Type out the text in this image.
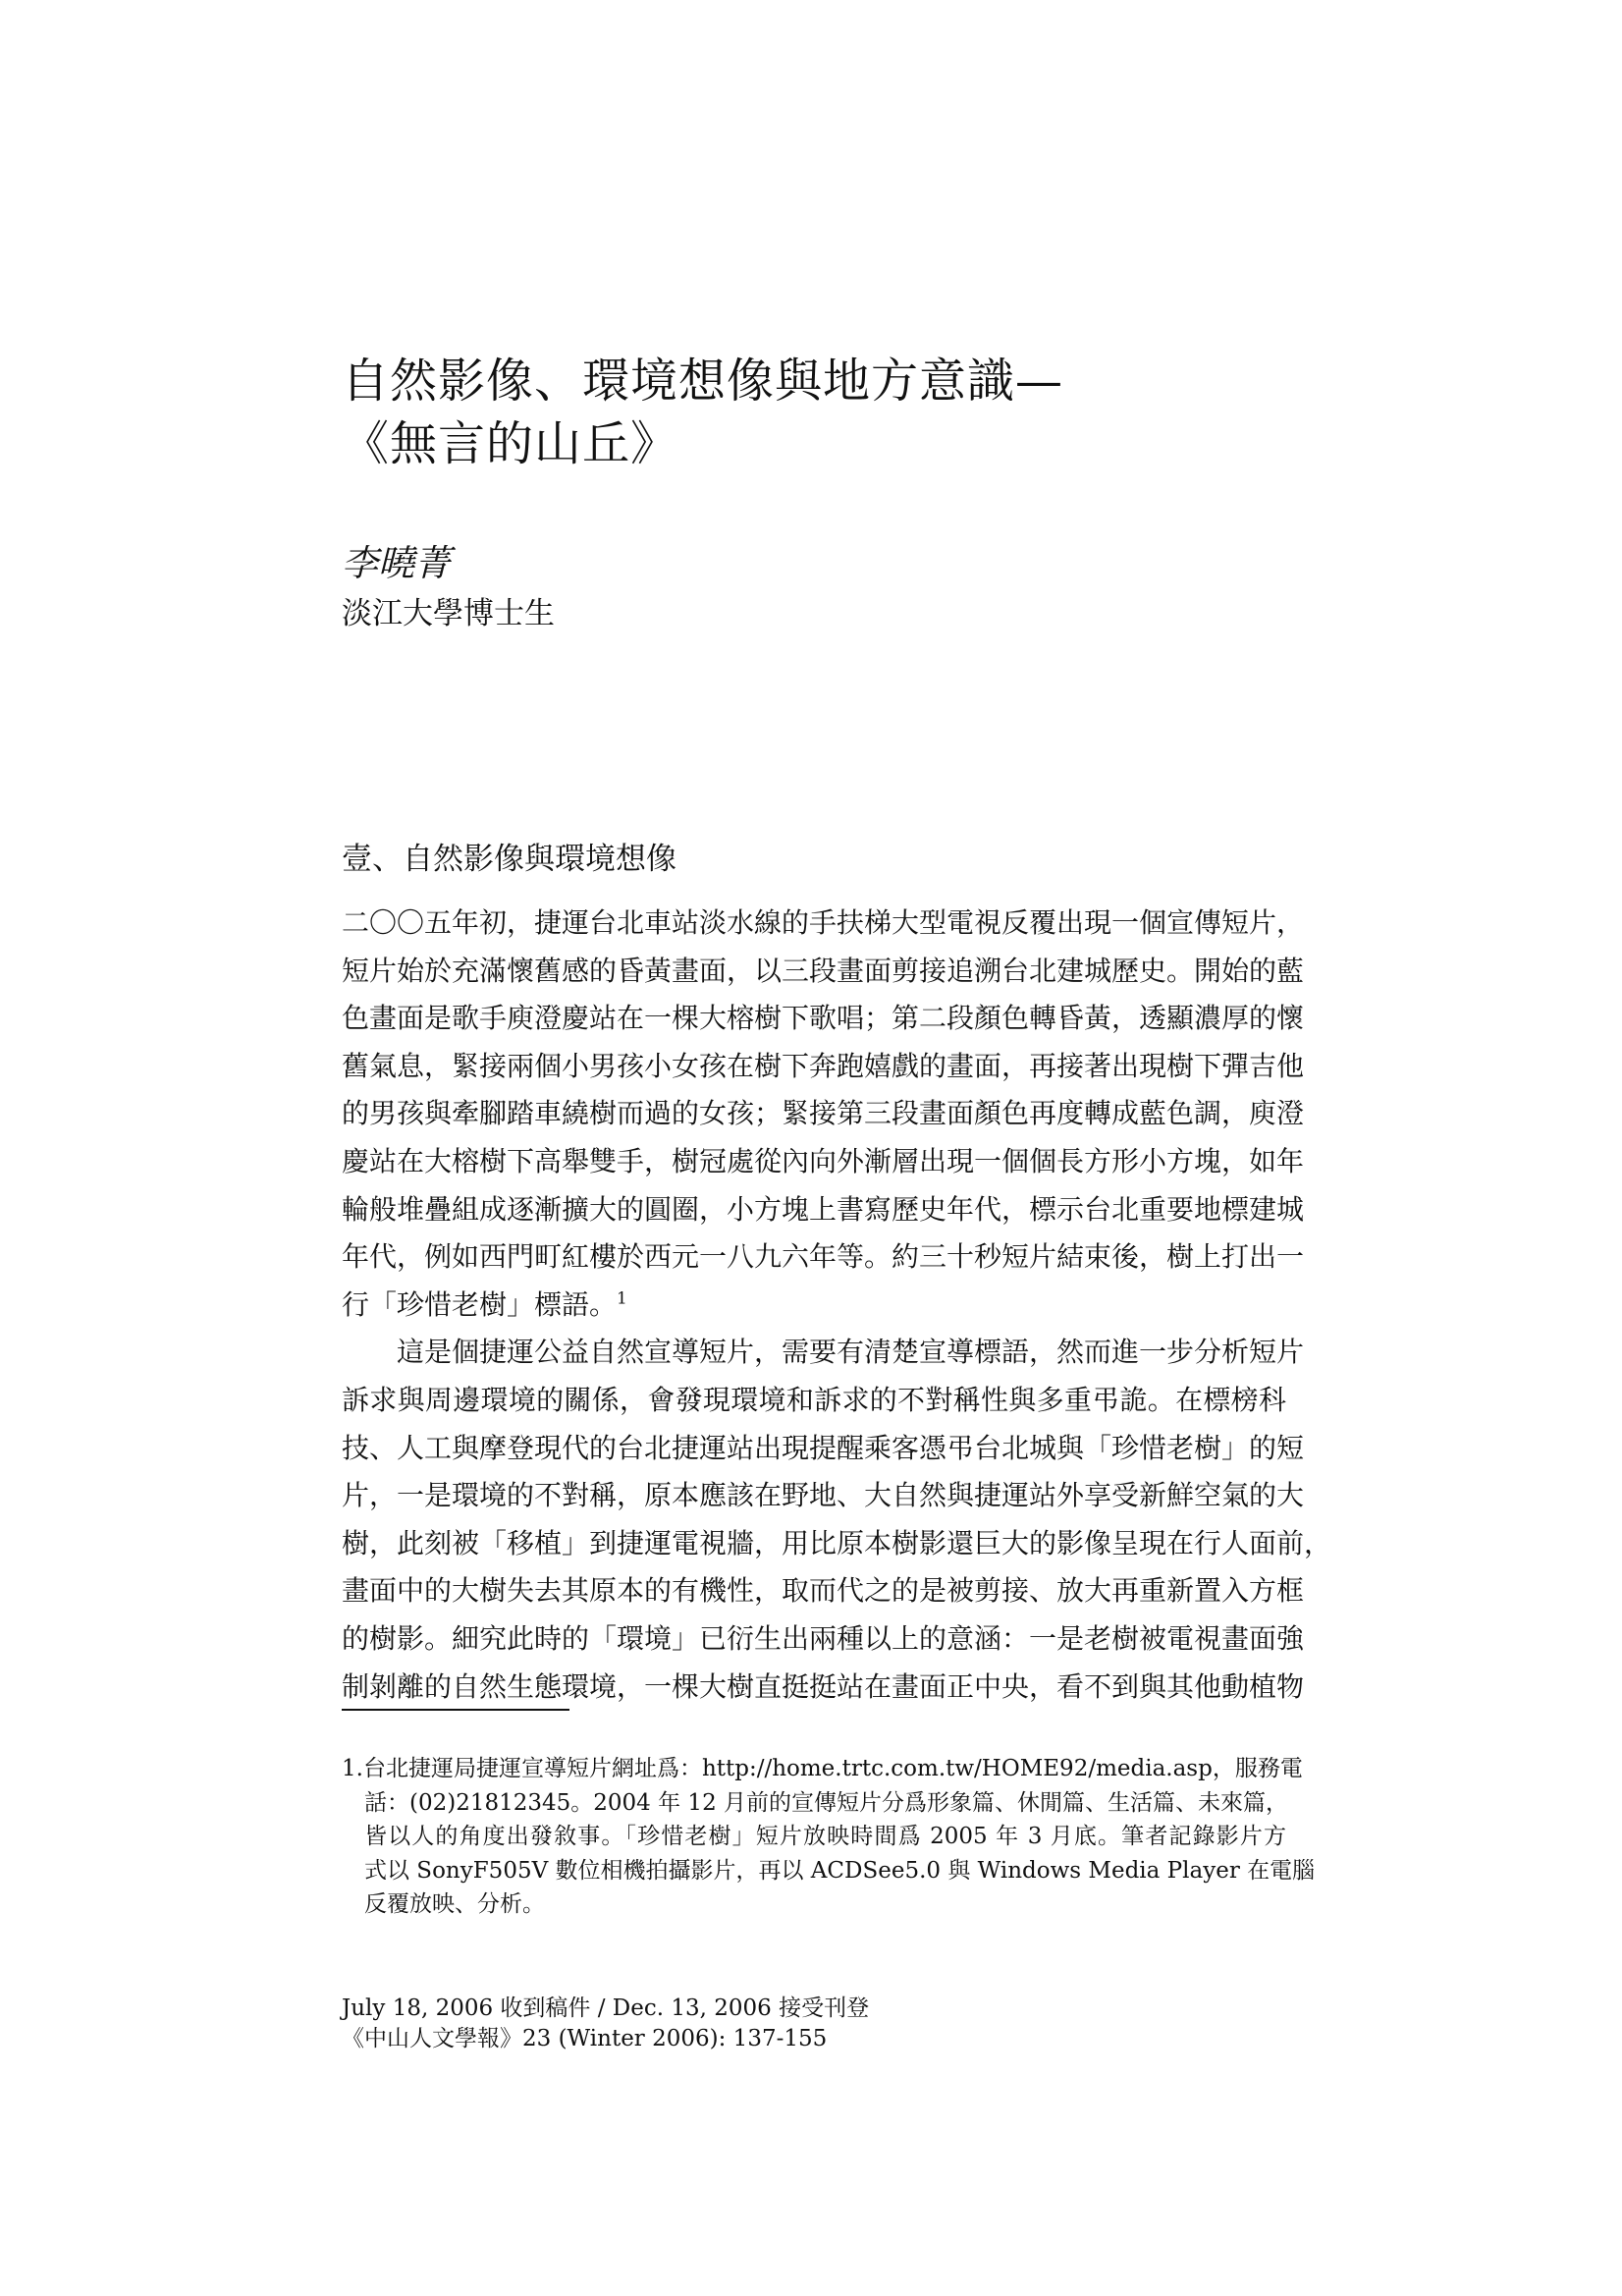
自然影像、環境想像與地方意識—
《無言的山丘》

李曉菁

淡江大學博士生

壹、自然影像與環境想像
二〇〇五年初，捷運台北車站淡水線的手扶梯大型電視反覆出現一個宣傳短片，
短片始於充滿懷舊感的昏黃畫面，以三段畫面剪接追溯台北建城歷史。開始的藍
色畫面是歌手庾澄慶站在一棵大榕樹下歌唱；第二段顏色轉昏黃，透顯濃厚的懷
舊氣息，緊接兩個小男孩小女孩在樹下奔跑嬉戲的畫面，再接著出現樹下彈吉他
的男孩與牽腳踏車繞樹而過的女孩；緊接第三段畫面顏色再度轉成藍色調，庾澄
慶站在大榕樹下高舉雙手，樹冠處從內向外漸層出現一個個長方形小方塊，如年
輪般堆疊組成逐漸擴大的圓圈，小方塊上書寫歷史年代，標示台北重要地標建城
年代，例如西門町紅樓於西元一八九六年等。約三十秒短片結束後，樹上打出一
行「珍惜老樹」標語。$^1$
這是個捷運公益自然宣導短片，需要有清楚宣導標語，然而進一步分析短片
訴求與周邊環境的關係，會發現環境和訴求的不對稱性與多重弔詭。在標榜科
技、人工與摩登現代的台北捷運站出現提醒乘客憑弔台北城與「珍惜老樹」的短
片，一是環境的不對稱，原本應該在野地、大自然與捷運站外享受新鮮空氣的大
樹，此刻被「移植」到捷運電視牆，用比原本樹影還巨大的影像呈現在行人面前，
畫面中的大樹失去其原本的有機性，取而代之的是被剪接、放大再重新置入方框
的樹影。細究此時的「環境」已衍生出兩種以上的意涵：一是老樹被電視畫面強
制剝離的自然生態環境，一棵大樹直挺挺站在畫面正中央，看不到與其他動植物
1.台北捷運局捷運宣導短片網址爲：http://home.trtc.com.tw/HOME92/media.asp，服務電
話：(02)21812345。2004 年 12 月前的宣傳短片分爲形象篇、休閒篇、生活篇、未來篇，
皆以人的角度出發敘事。「珍惜老樹」短片放映時間爲 2005 年 3 月底。筆者記錄影片方
式以 SonyF505V 數位相機拍攝影片，再以 ACDSee5.0 與 Windows Media Player 在電腦
反覆放映、分析。
July 18, 2006 收到稿件 / Dec. 13, 2006 接受刊登
《中山人文學報》23 (Winter 2006): 137-155
